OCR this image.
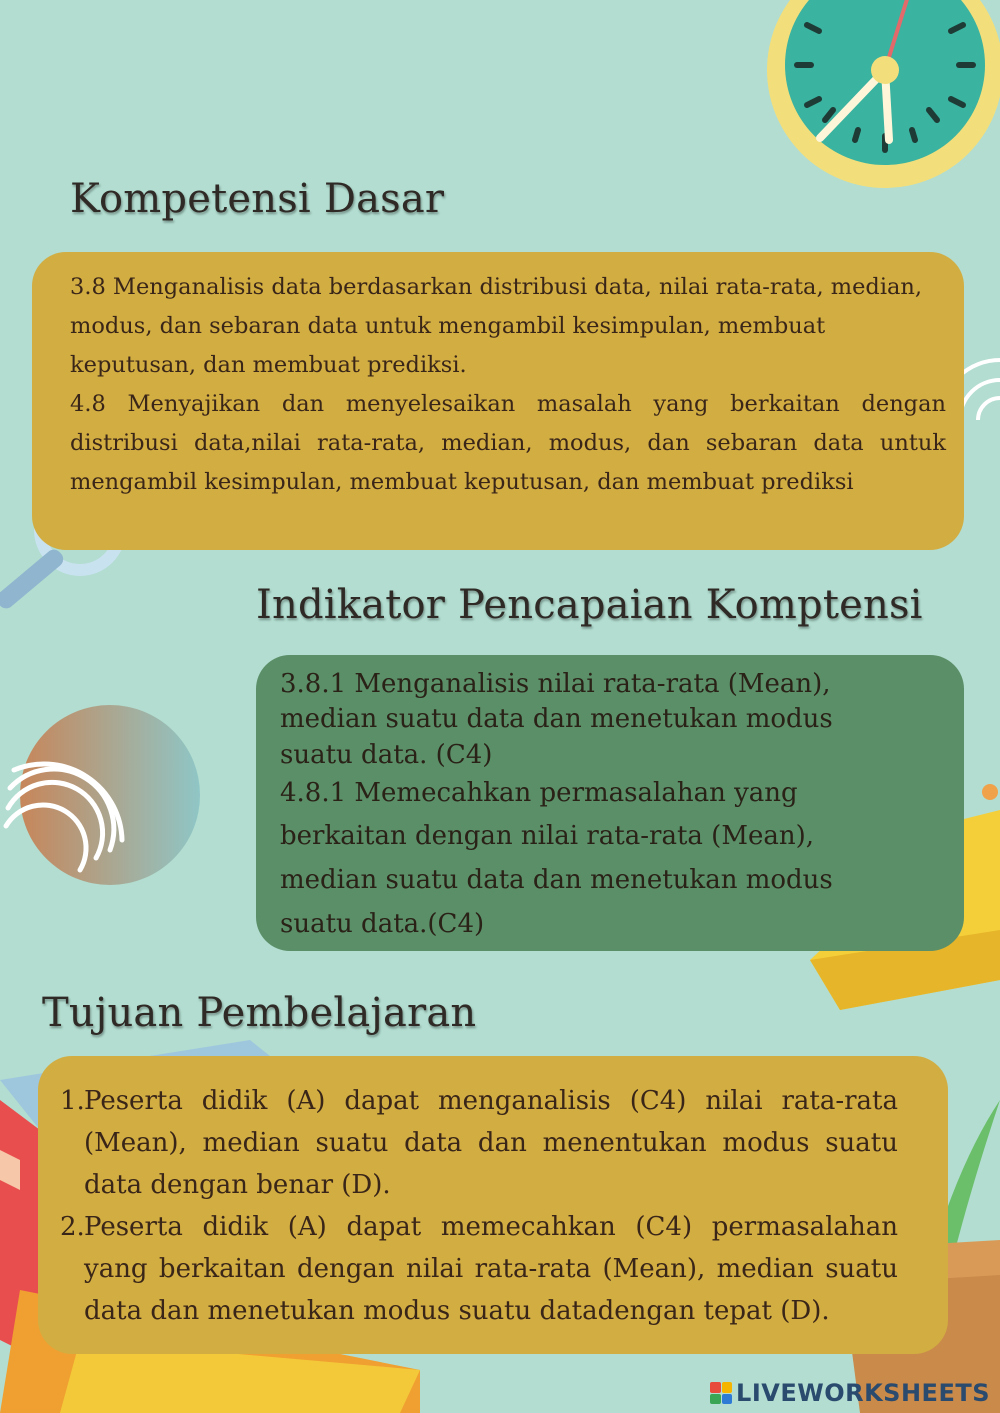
Kompetensi Dasar

3.8 Menganalisis data berdasarkan distribusi data, nilai rata-rata, median, modus, dan sebaran data untuk mengambil kesimpulan, membuat keputusan, dan membuat prediksi.

4.8 Menyajikan dan menyelesaikan masalah yang berkaitan dengan distribusi data,nilai rata-rata, median, modus, dan sebaran data untuk mengambil kesimpulan, membuat keputusan, dan membuat prediksi

Indikator Pencapaian Komptensi
3.8.1 Menganalisis nilai rata-rata (Mean),
median suatu data dan menetukan modus
suatu data. (C4)
4.8.1 Memecahkan permasalahan yang
berkaitan dengan nilai rata-rata (Mean),
median suatu data dan menetukan modus
suatu data.(C4)
Tujuan Pembelajaran
1. Peserta didik (A) dapat menganalisis (C4) nilai rata-rata (Mean), median suatu data dan menentukan modus suatu data dengan benar (D).
2. Peserta didik (A) dapat memecahkan (C4) permasalahan yang berkaitan dengan nilai rata-rata (Mean), median suatu data dan menetukan modus suatu datadengan tepat (D).
LIVEWORKSHEETS
